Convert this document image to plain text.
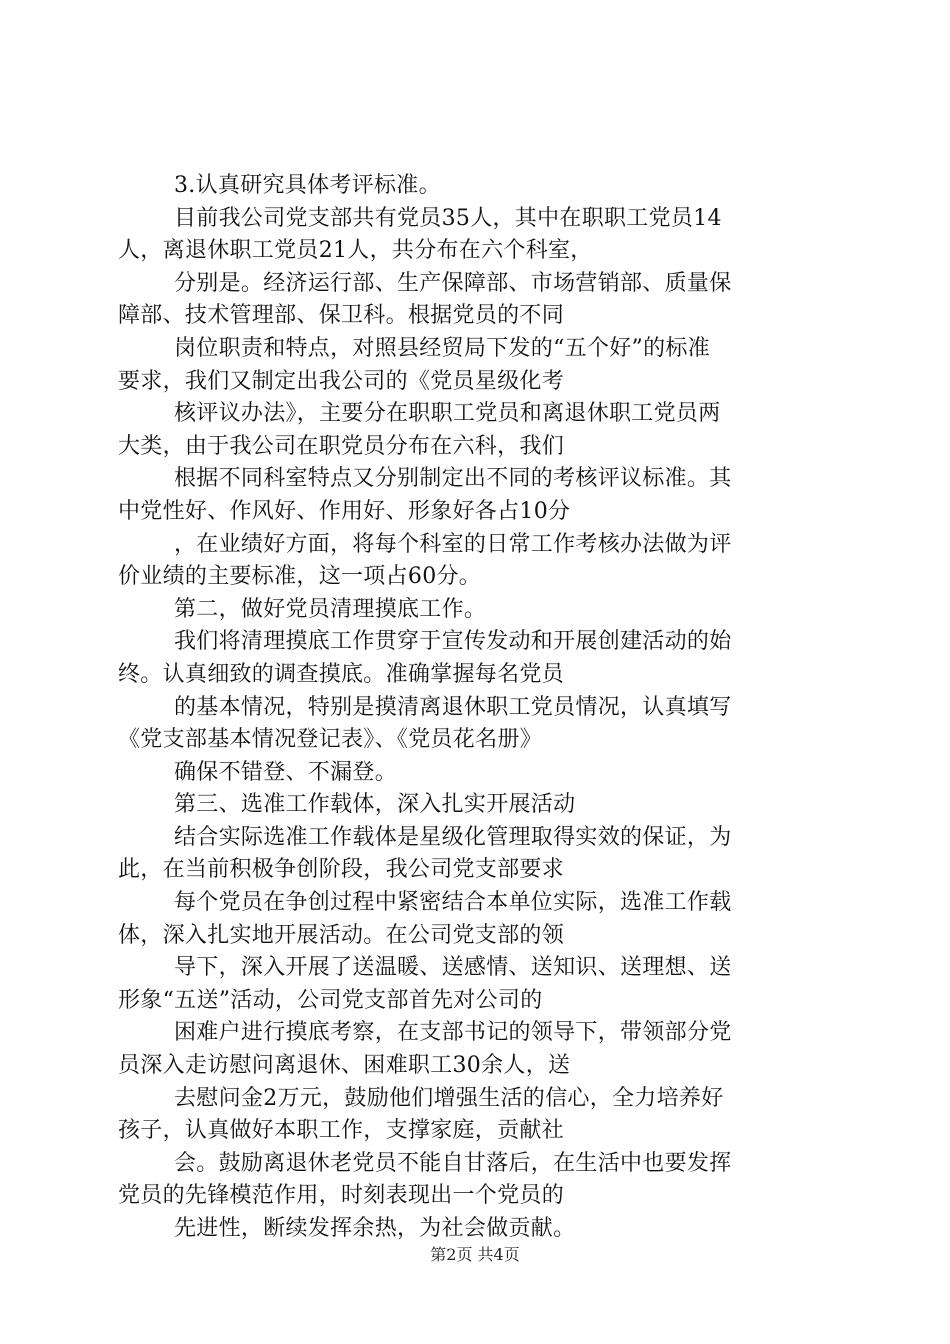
3.认真研究具体考评标准。
目前我公司党支部共有党员35人，其中在职职工党员14
人，离退休职工党员21人，共分布在六个科室，
分别是。经济运行部、生产保障部、市场营销部、质量保
障部、技术管理部、保卫科。根据党员的不同
岗位职责和特点，对照县经贸局下发的“五个好”的标准
要求，我们又制定出我公司的《党员星级化考
核评议办法》，主要分在职职工党员和离退休职工党员两
大类，由于我公司在职党员分布在六科，我们
根据不同科室特点又分别制定出不同的考核评议标准。其
中党性好、作风好、作用好、形象好各占10分
，在业绩好方面，将每个科室的日常工作考核办法做为评
价业绩的主要标准，这一项占60分。
第二，做好党员清理摸底工作。
我们将清理摸底工作贯穿于宣传发动和开展创建活动的始
终。认真细致的调查摸底。准确掌握每名党员
的基本情况，特别是摸清离退休职工党员情况，认真填写
《党支部基本情况登记表》、《党员花名册》
确保不错登、不漏登。
第三、选准工作载体，深入扎实开展活动
结合实际选准工作载体是星级化管理取得实效的保证，为
此，在当前积极争创阶段，我公司党支部要求
每个党员在争创过程中紧密结合本单位实际，选准工作载
体，深入扎实地开展活动。在公司党支部的领
导下，深入开展了送温暖、送感情、送知识、送理想、送
形象“五送”活动，公司党支部首先对公司的
困难户进行摸底考察，在支部书记的领导下，带领部分党
员深入走访慰问离退休、困难职工30余人，送
去慰问金2万元，鼓励他们增强生活的信心，全力培养好
孩子，认真做好本职工作，支撑家庭，贡献社
会。鼓励离退休老党员不能自甘落后，在生活中也要发挥
党员的先锋模范作用，时刻表现出一个党员的
先进性，断续发挥余热，为社会做贡献。
第2页 共4页
